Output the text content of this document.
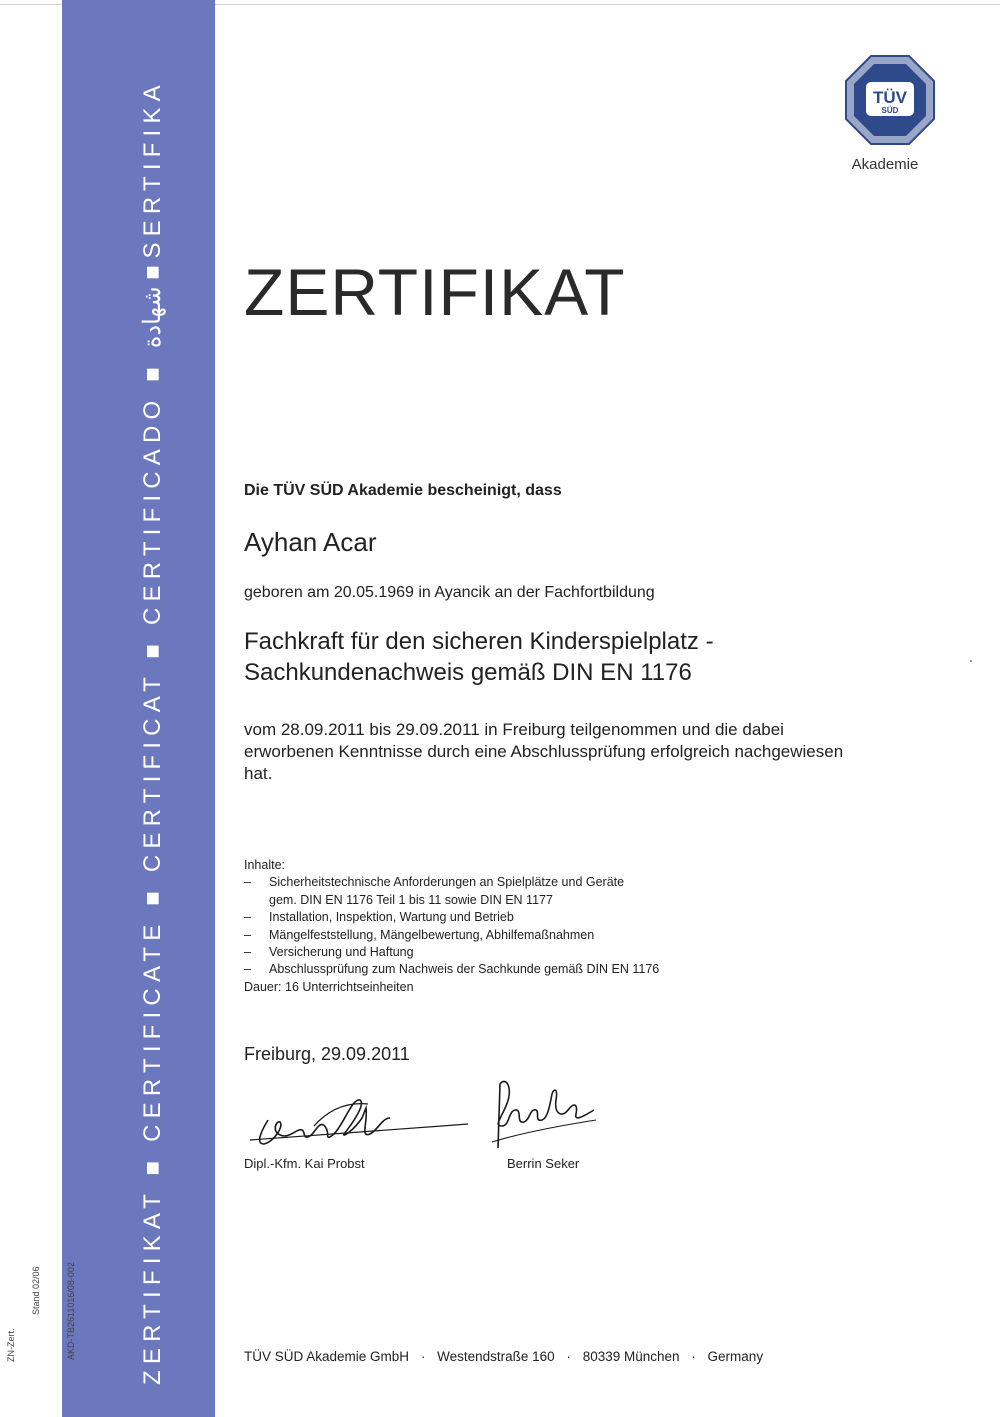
ZERTIFIKAT ■ CERTIFICATE ■ CERTIFICAT ■ CERTIFICADO ■ شهادة ■ SERTIFIKA
AKD-TB2611016/08-002
ZN-Zert.
Stand 02/06
TÜV
SÜD
Akademie
ZERTIFIKAT
Die TÜV SÜD Akademie bescheinigt, dass
Ayhan Acar
geboren am 20.05.1969 in Ayancik an der Fachfortbildung
Fachkraft für den sicheren Kinderspielplatz -
Sachkundenachweis gemäß DIN EN 1176
vom 28.09.2011 bis 29.09.2011 in Freiburg teilgenommen und die dabei
erworbenen Kenntnisse durch eine Abschlussprüfung erfolgreich nachgewiesen
hat.
Inhalte:
– Sicherheitstechnische Anforderungen an Spielplätze und Geräte
gem. DIN EN 1176 Teil 1 bis 11 sowie DIN EN 1177
– Installation, Inspektion, Wartung und Betrieb
– Mängelfeststellung, Mängelbewertung, Abhilfemaßnahmen
– Versicherung und Haftung
– Abschlussprüfung zum Nachweis der Sachkunde gemäß DIN EN 1176
Dauer: 16 Unterrichtseinheiten
Freiburg, 29.09.2011
Dipl.-Kfm. Kai Probst	Berrin Seker
TÜV SÜD Akademie GmbH · Westendstraße 160 · 80339 München · Germany
